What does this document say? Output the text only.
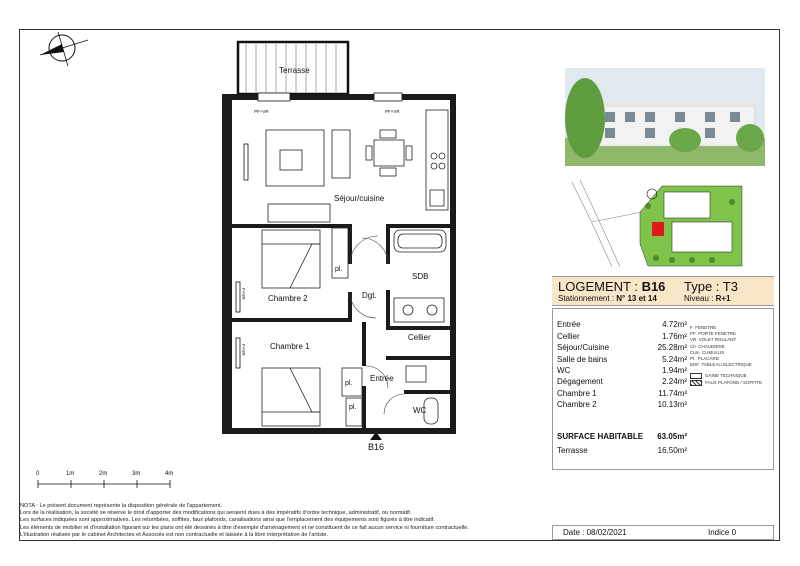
Terrasse
Séjour/cuisine
Chambre 2
Chambre 1
SDB
Dgt.
Cellier
Entrée
WC
pl.
pl.
pl.
PF+VR	PF+VR
F+VR
F+VR
B16
0	1m	2m	3m	4m
LOGEMENT : B16
Stationnement : N° 13 et 14
Type : T3
Niveau : R+1
Entrée	4.72m²
Cellier	1.76m²
Séjour/Cuisine	25.28m²
Salle de bains	5.24m²
WC	1.94m²
Dégagement	2.24m²
Chambre 1	11.74m²
Chambre 2	10.13m²
SURFACE HABITABLE 63.05m²
Terrasse	16.50m²
F FENETRE
PF PORTE FENETRE
VR VOLET ROULANT
Ch CHAUDIERE
Cum CUMULUS
Pl. PLACARD
EDF TABLEAU ELECTRIQUE
GAINE TECHNIQUE
FAUX PLAFOND / SOFFITE
Date : 08/02/2021	Indice 0
NOTA : Le présent document représente la disposition générale de l'appartement.
Lors de la réalisation, la société se réserve le droit d'apporter des modifications qui seraient dues à des impératifs d'ordre technique, administratif, ou normatif.
Les surfaces indiquées sont approximatives. Les retombées, soffites, faux plafonds, canalisations ainsi que l'emplacement des équipements sont figurés à titre indicatif.
Les éléments de mobilier et d'installation figurant sur les plans ont été dessinés à titre d'exemple d'aménagement et ne constituent de ce fait aucun service ni fourniture contractuelle.
L'illustration réalisée par le cabinet Architectes et Associés est non contractuelle et laissée à la libre interprétation de l'artiste.
